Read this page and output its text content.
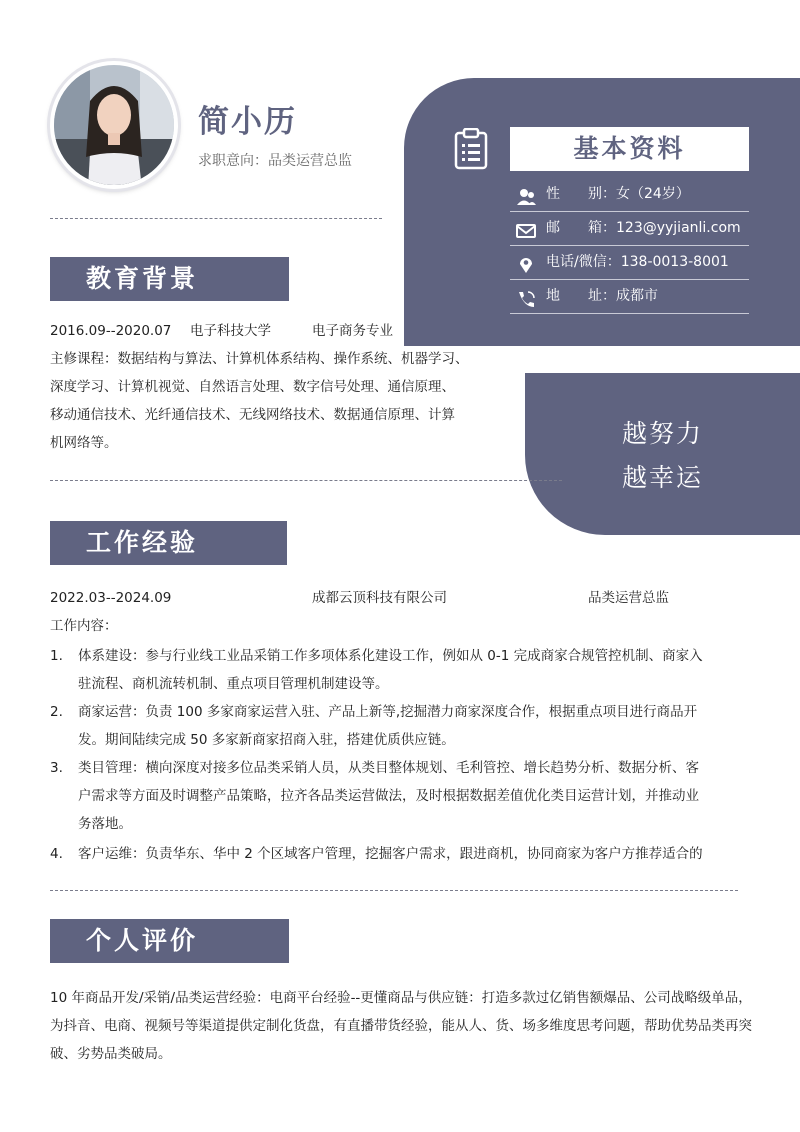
简小历
求职意向：品类运营总监	基本资料
性　　别：女（24岁）
邮　　箱：123@yyjianli.com
电话/微信：138-0013-8001
地　　址：成都市
越努力
越幸运
教育背景
2016.09--2020.07 电子科技大学	电子商务专业
主修课程：数据结构与算法、计算机体系结构、操作系统、机器学习、
深度学习、计算机视觉、自然语言处理、数字信号处理、通信原理、
移动通信技术、光纤通信技术、无线网络技术、数据通信原理、计算
机网络等。
工作经验
2022.03--2024.09	成都云顶科技有限公司	品类运营总监
工作内容：
1. 体系建设：参与行业线工业品采销工作多项体系化建设工作，例如从 0-1 完成商家合规管控机制、商家入
驻流程、商机流转机制、重点项目管理机制建设等。
2. 商家运营：负责 100 多家商家运营入驻、产品上新等,挖掘潜力商家深度合作，根据重点项目进行商品开
发。期间陆续完成 50 多家新商家招商入驻，搭建优质供应链。
3. 类目管理：横向深度对接多位品类采销人员，从类目整体规划、毛利管控、增长趋势分析、数据分析、客
户需求等方面及时调整产品策略，拉齐各品类运营做法，及时根据数据差值优化类目运营计划，并推动业
务落地。
4. 客户运维：负责华东、华中 2 个区域客户管理，挖掘客户需求，跟进商机，协同商家为客户方推荐适合的
个人评价
10 年商品开发/采销/品类运营经验：电商平台经验--更懂商品与供应链：打造多款过亿销售额爆品、公司战略级单品，
为抖音、电商、视频号等渠道提供定制化货盘，有直播带货经验，能从人、货、场多维度思考问题，帮助优势品类再突
破、劣势品类破局。
